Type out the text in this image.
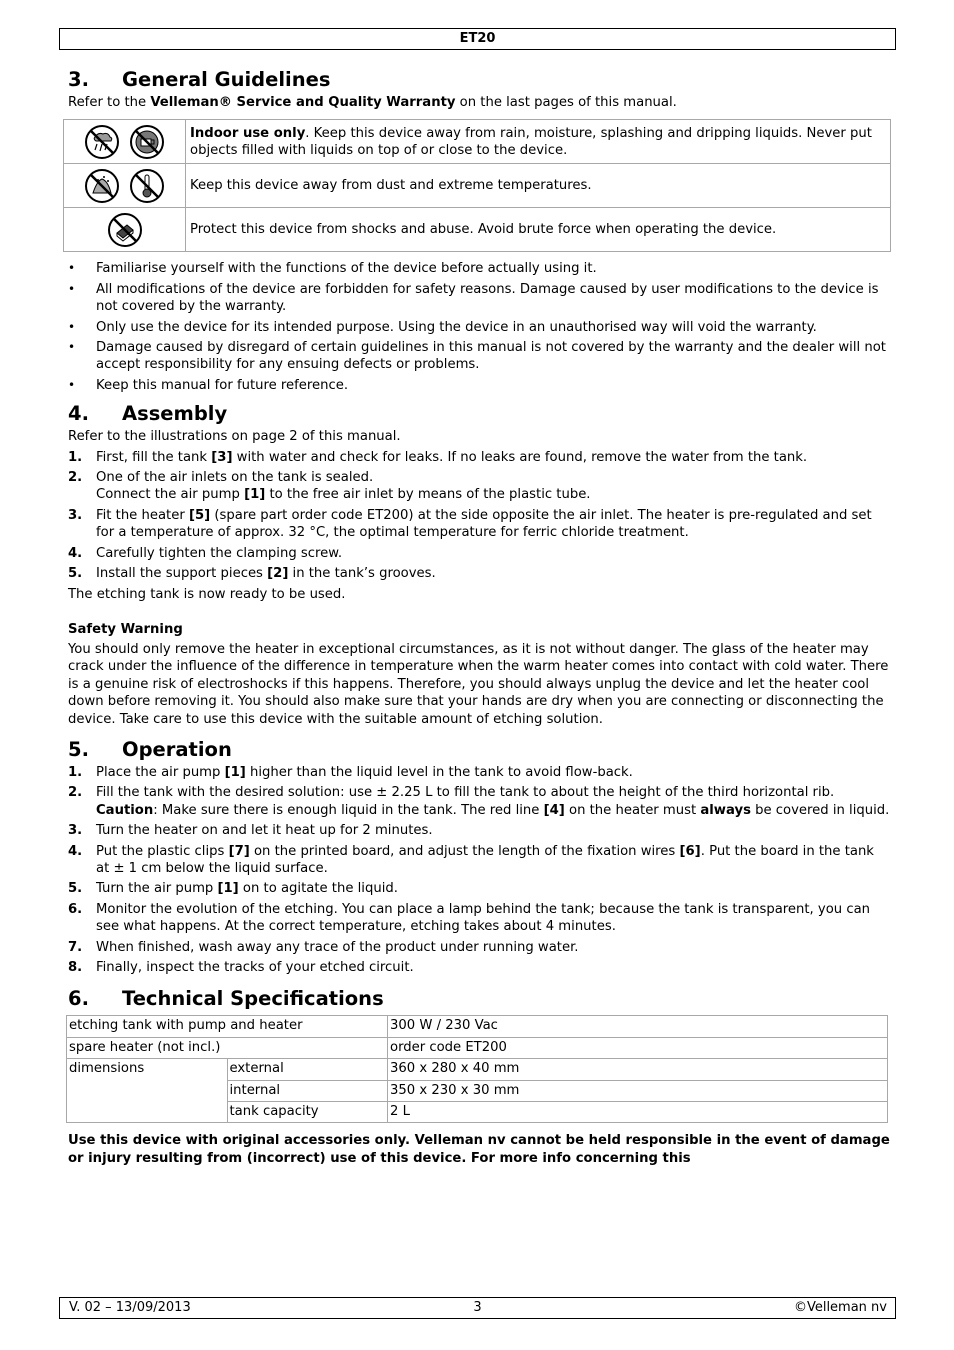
ET20
3.	General Guidelines

Refer to the Velleman® Service and Quality Warranty on the last pages of this manual.

	Indoor use only. Keep this device away from rain, moisture, splashing and dripping liquids. Never put objects filled with liquids on top of or close to the device.
	Keep this device away from dust and extreme temperatures.
	Protect this device from shocks and abuse. Avoid brute force when operating the device.
• Familiarise yourself with the functions of the device before actually using it.
• All modifications of the device are forbidden for safety reasons. Damage caused by user modifications to the device is not covered by the warranty.
• Only use the device for its intended purpose. Using the device in an unauthorised way will void the warranty.
• Damage caused by disregard of certain guidelines in this manual is not covered by the warranty and the dealer will not accept responsibility for any ensuing defects or problems.
• Keep this manual for future reference.
4.	Assembly

Refer to the illustrations on page 2 of this manual.

1. First, fill the tank [3] with water and check for leaks. If no leaks are found, remove the water from the tank.
2. One of the air inlets on the tank is sealed.
Connect the air pump [1] to the free air inlet by means of the plastic tube.
3. Fit the heater [5] (spare part order code ET200) at the side opposite the air inlet. The heater is pre-regulated and set for a temperature of approx. 32 °C, the optimal temperature for ferric chloride treatment.
4. Carefully tighten the clamping screw.
5. Install the support pieces [2] in the tank’s grooves.

The etching tank is now ready to be used.

Safety Warning

You should only remove the heater in exceptional circumstances, as it is not without danger. The glass of the heater may crack under the influence of the difference in temperature when the warm heater comes into contact with cold water. There is a genuine risk of electroshocks if this happens. Therefore, you should always unplug the device and let the heater cool down before removing it. You should also make sure that your hands are dry when you are connecting or disconnecting the device. Take care to use this device with the suitable amount of etching solution.

5.	Operation
1. Place the air pump [1] higher than the liquid level in the tank to avoid flow-back.
2. Fill the tank with the desired solution: use ± 2.25 L to fill the tank to about the height of the third horizontal rib. Caution: Make sure there is enough liquid in the tank. The red line [4] on the heater must always be covered in liquid.
3. Turn the heater on and let it heat up for 2 minutes.
4. Put the plastic clips [7] on the printed board, and adjust the length of the fixation wires [6]. Put the board in the tank at ± 1 cm below the liquid surface.
5. Turn the air pump [1] on to agitate the liquid.
6. Monitor the evolution of the etching. You can place a lamp behind the tank; because the tank is transparent, you can see what happens. At the correct temperature, etching takes about 4 minutes.
7. When finished, wash away any trace of the product under running water.
8. Finally, inspect the tracks of your etched circuit.
6.	Technical Specifications
etching tank with pump and heater		300 W / 230 Vac
spare heater (not incl.)		order code ET200
dimensions	external	360 x 280 x 40 mm
	internal	350 x 230 x 30 mm
	tank capacity	2 L

Use this device with original accessories only. Velleman nv cannot be held responsible in the event of damage or injury resulting from (incorrect) use of this device. For more info concerning this

V. 02 – 13/09/2013	3	©Velleman nv
